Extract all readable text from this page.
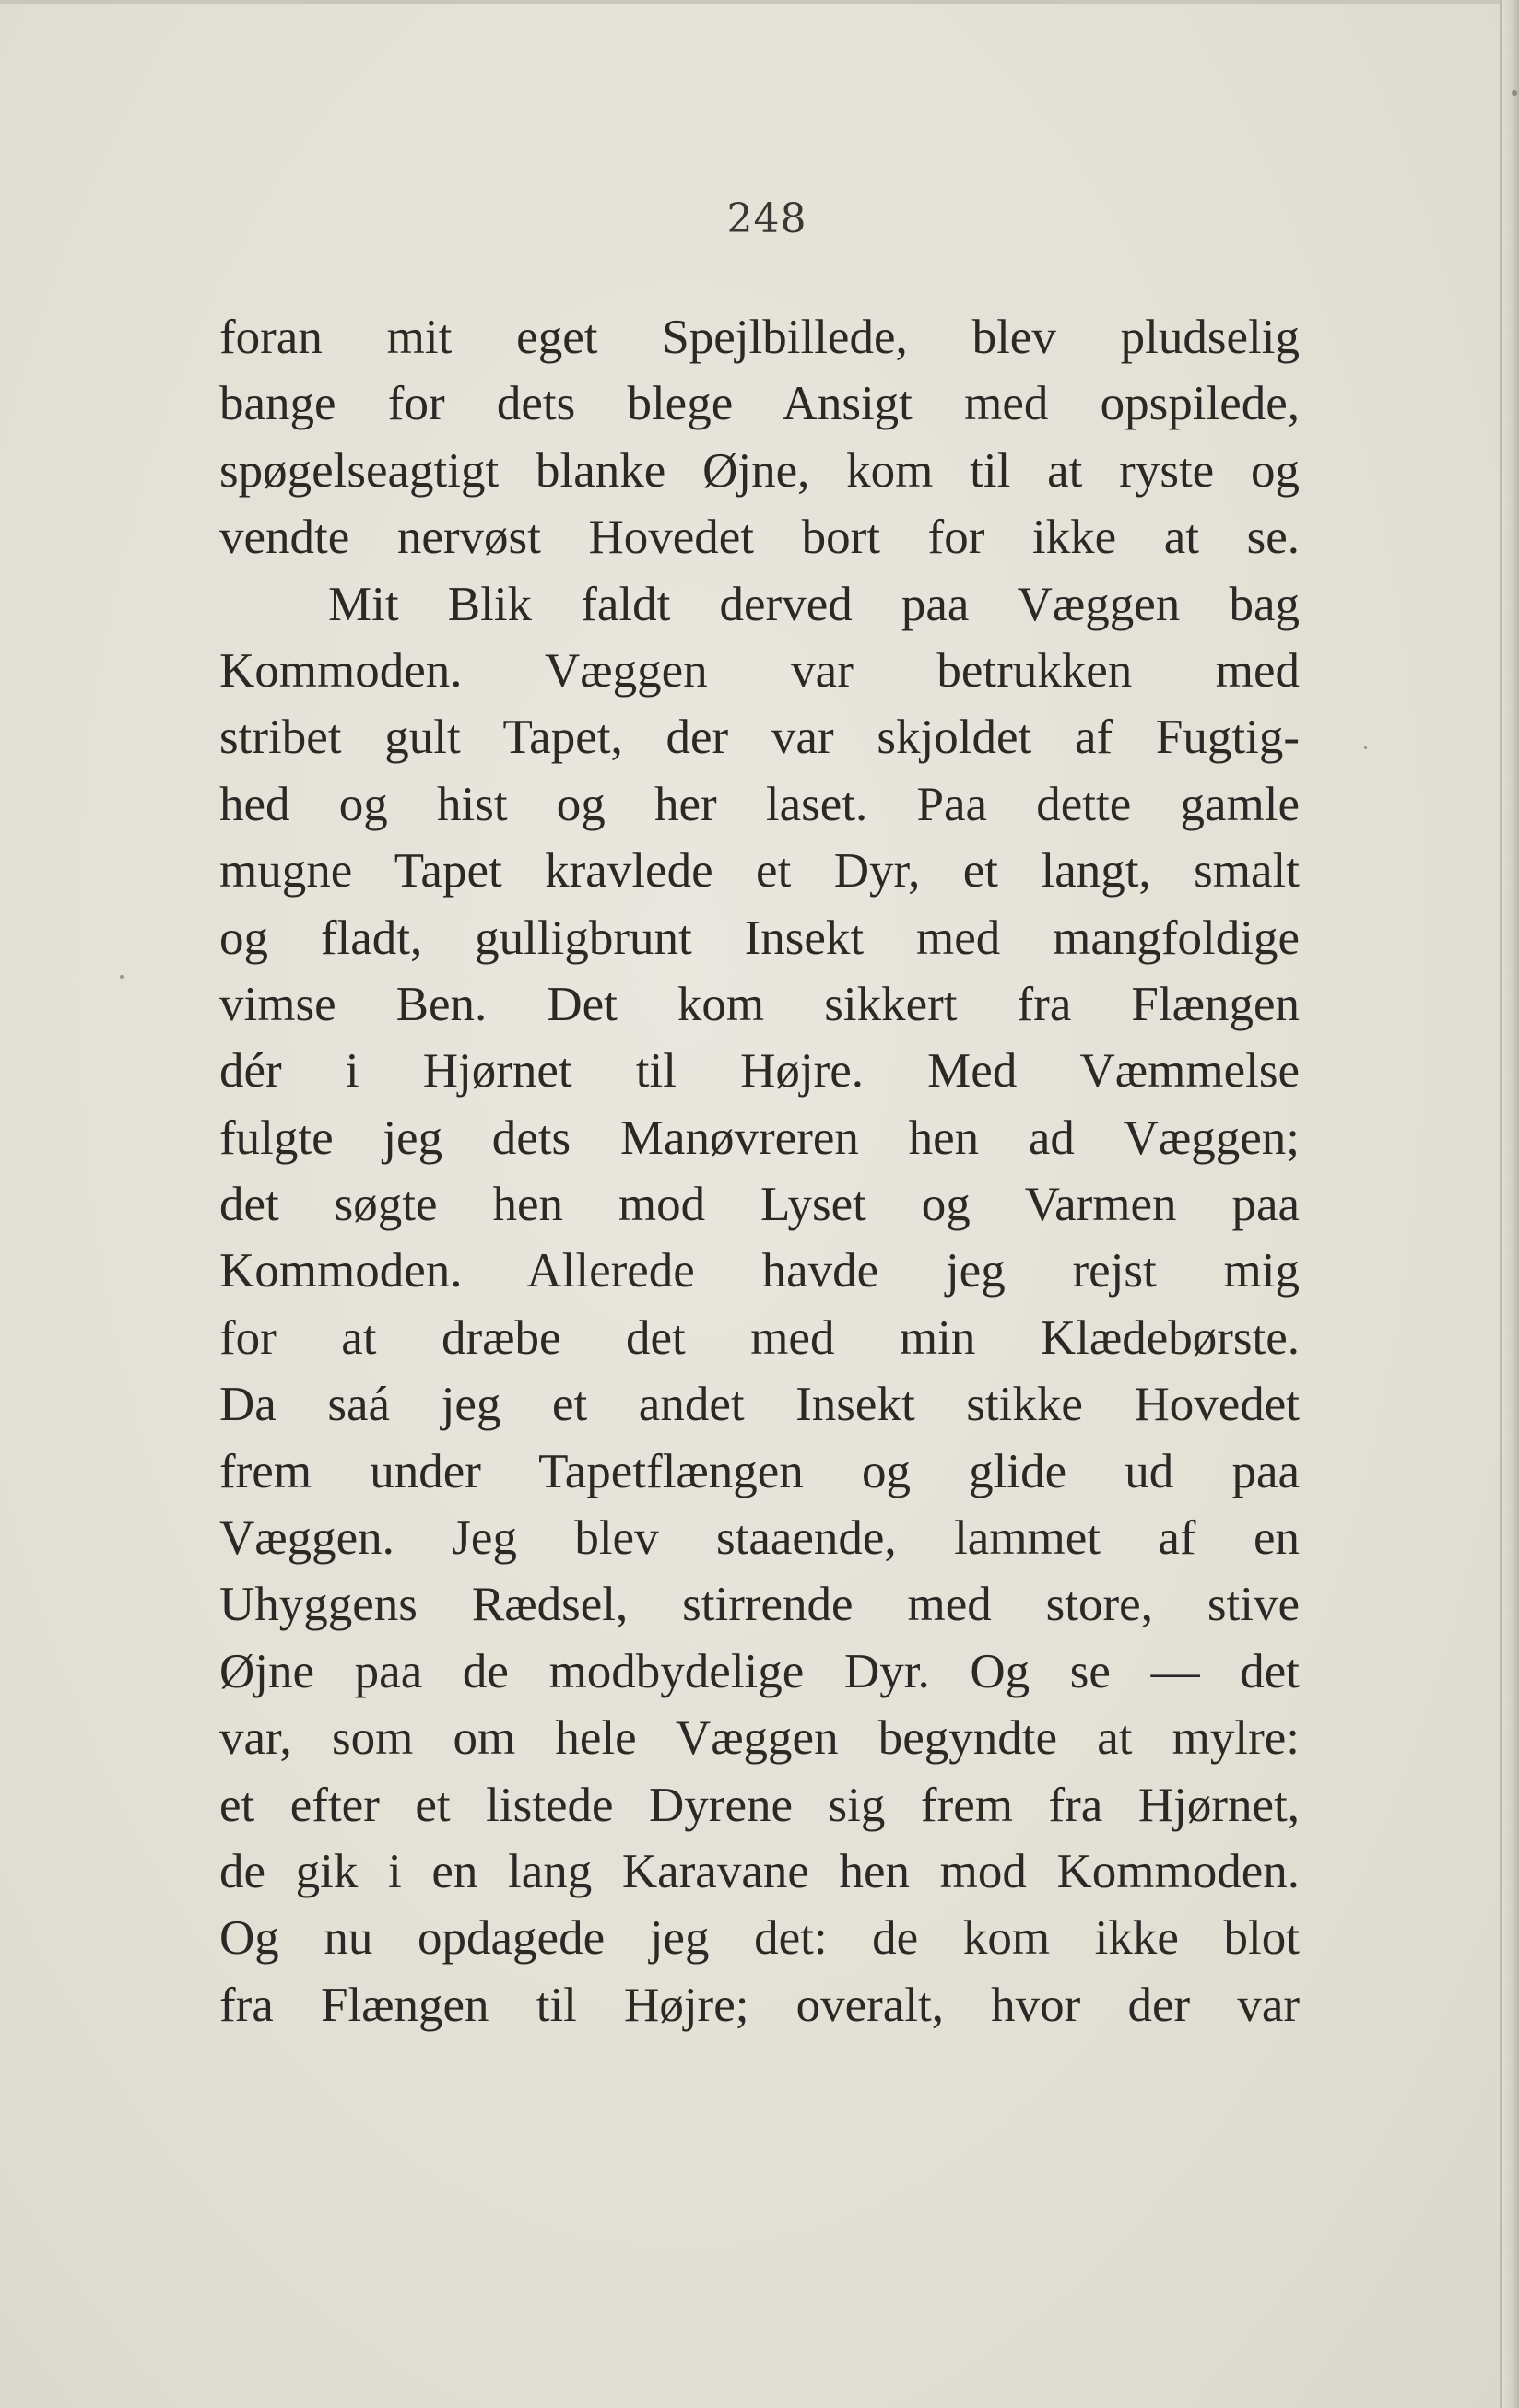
248
foran mit eget Spejlbillede, blev pludselig
bange for dets blege Ansigt med opspilede,
spøgelseagtigt blanke Øjne, kom til at ryste og
vendte nervøst Hovedet bort for ikke at se.
Mit Blik faldt derved paa Væggen bag
Kommoden. Væggen var betrukken med
stribet gult Tapet, der var skjoldet af Fugtig-
hed og hist og her laset. Paa dette gamle
mugne Tapet kravlede et Dyr, et langt, smalt
og fladt, gulligbrunt Insekt med mangfoldige
vimse Ben. Det kom sikkert fra Flængen
dér i Hjørnet til Højre. Med Væmmelse
fulgte jeg dets Manøvreren hen ad Væggen;
det søgte hen mod Lyset og Varmen paa
Kommoden. Allerede havde jeg rejst mig
for at dræbe det med min Klædebørste.
Da saá jeg et andet Insekt stikke Hovedet
frem under Tapetflængen og glide ud paa
Væggen. Jeg blev staaende, lammet af en
Uhyggens Rædsel, stirrende med store, stive
Øjne paa de modbydelige Dyr. Og se — det
var, som om hele Væggen begyndte at mylre:
et efter et listede Dyrene sig frem fra Hjørnet,
de gik i en lang Karavane hen mod Kommoden.
Og nu opdagede jeg det: de kom ikke blot
fra Flængen til Højre; overalt, hvor der var
